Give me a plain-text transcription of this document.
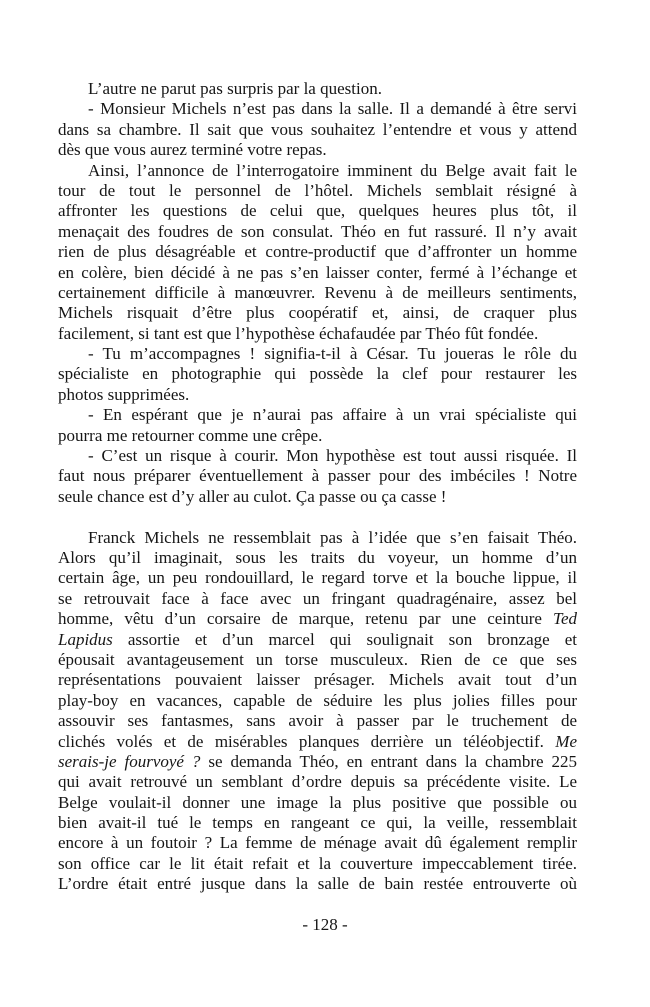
L’autre ne parut pas surpris par la question.
- Monsieur Michels n’est pas dans la salle. Il a demandé à être servi
dans sa chambre. Il sait que vous souhaitez l’entendre et vous y attend
dès que vous aurez terminé votre repas.
Ainsi, l’annonce de l’interrogatoire imminent du Belge avait fait le
tour de tout le personnel de l’hôtel. Michels semblait résigné à
affronter les questions de celui que, quelques heures plus tôt, il
menaçait des foudres de son consulat. Théo en fut rassuré. Il n’y avait
rien de plus désagréable et contre-productif que d’affronter un homme
en colère, bien décidé à ne pas s’en laisser conter, fermé à l’échange et
certainement difficile à manœuvrer. Revenu à de meilleurs sentiments,
Michels risquait d’être plus coopératif et, ainsi, de craquer plus
facilement, si tant est que l’hypothèse échafaudée par Théo fût fondée.
- Tu m’accompagnes ! signifia-t-il à César. Tu joueras le rôle du
spécialiste en photographie qui possède la clef pour restaurer les
photos supprimées.
- En espérant que je n’aurai pas affaire à un vrai spécialiste qui
pourra me retourner comme une crêpe.
- C’est un risque à courir. Mon hypothèse est tout aussi risquée. Il
faut nous préparer éventuellement à passer pour des imbéciles ! Notre
seule chance est d’y aller au culot. Ça passe ou ça casse !
Franck Michels ne ressemblait pas à l’idée que s’en faisait Théo.
Alors qu’il imaginait, sous les traits du voyeur, un homme d’un
certain âge, un peu rondouillard, le regard torve et la bouche lippue, il
se retrouvait face à face avec un fringant quadragénaire, assez bel
homme, vêtu d’un corsaire de marque, retenu par une ceinture Ted
Lapidus assortie et d’un marcel qui soulignait son bronzage et
épousait avantageusement un torse musculeux. Rien de ce que ses
représentations pouvaient laisser présager. Michels avait tout d’un
play-boy en vacances, capable de séduire les plus jolies filles pour
assouvir ses fantasmes, sans avoir à passer par le truchement de
clichés volés et de misérables planques derrière un téléobjectif. Me
serais-je fourvoyé ? se demanda Théo, en entrant dans la chambre 225
qui avait retrouvé un semblant d’ordre depuis sa précédente visite. Le
Belge voulait-il donner une image la plus positive que possible ou
bien avait-il tué le temps en rangeant ce qui, la veille, ressemblait
encore à un foutoir ? La femme de ménage avait dû également remplir
son office car le lit était refait et la couverture impeccablement tirée.
L’ordre était entré jusque dans la salle de bain restée entrouverte où
- 128 -
